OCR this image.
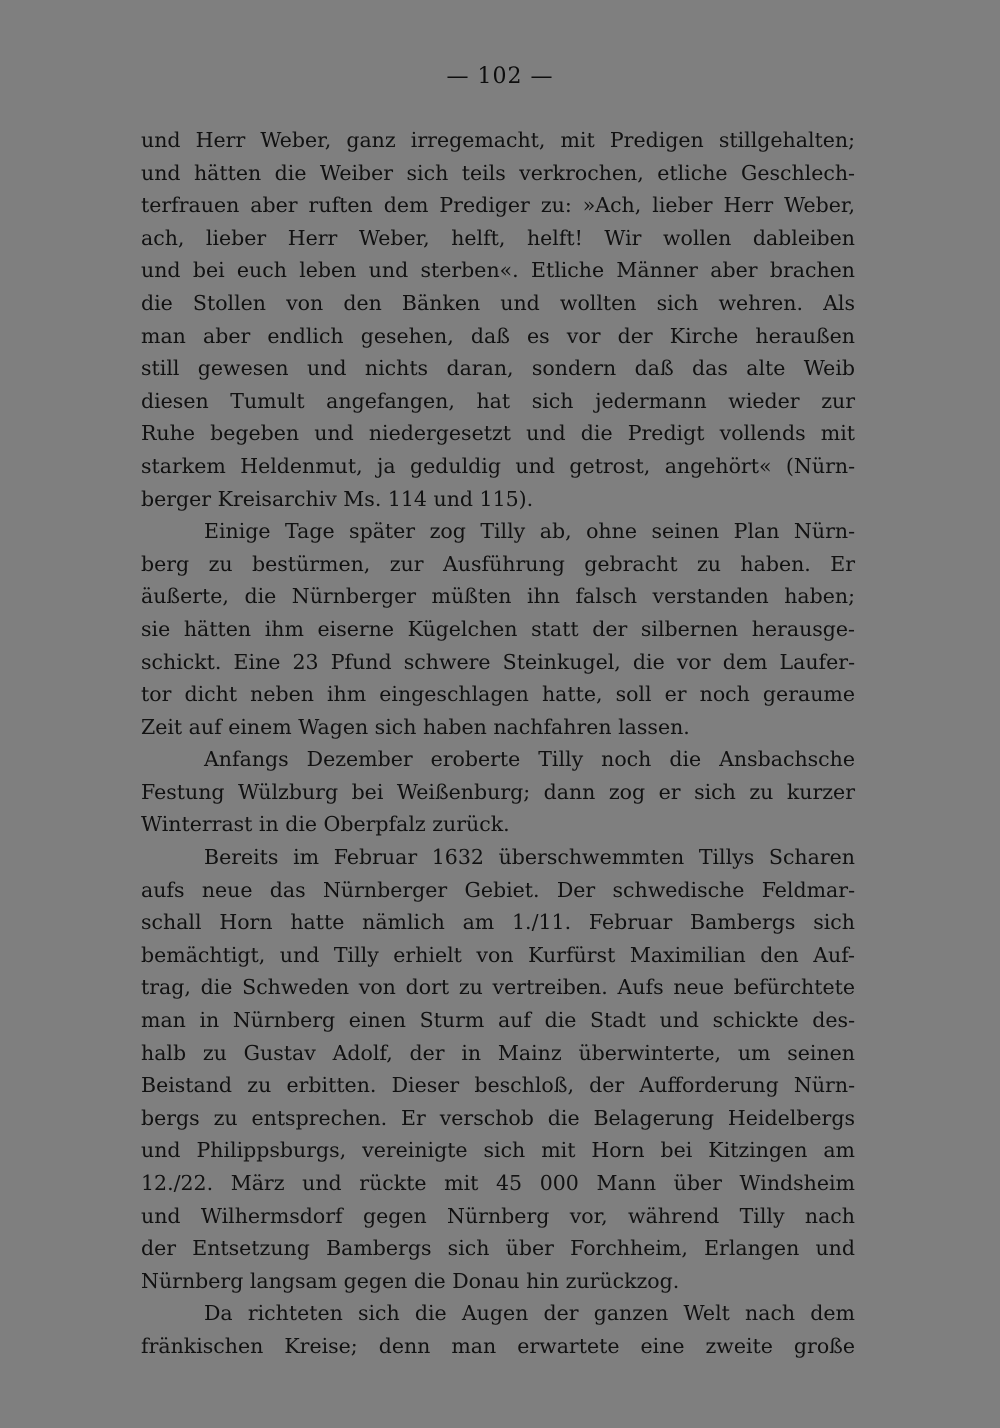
— 102 —
und Herr Weber, ganz irregemacht, mit Predigen stillgehalten;
und hätten die Weiber sich teils verkrochen, etliche Geschlech-
terfrauen aber ruften dem Prediger zu: »Ach, lieber Herr Weber,
ach, lieber Herr Weber, helft, helft! Wir wollen dableiben
und bei euch leben und sterben«. Etliche Männer aber brachen
die Stollen von den Bänken und wollten sich wehren. Als
man aber endlich gesehen, daß es vor der Kirche heraußen
still gewesen und nichts daran, sondern daß das alte Weib
diesen Tumult angefangen, hat sich jedermann wieder zur
Ruhe begeben und niedergesetzt und die Predigt vollends mit
starkem Heldenmut, ja geduldig und getrost, angehört« (Nürn-
berger Kreisarchiv Ms. 114 und 115).
Einige Tage später zog Tilly ab, ohne seinen Plan Nürn-
berg zu bestürmen, zur Ausführung gebracht zu haben. Er
äußerte, die Nürnberger müßten ihn falsch verstanden haben;
sie hätten ihm eiserne Kügelchen statt der silbernen herausge-
schickt. Eine 23 Pfund schwere Steinkugel, die vor dem Laufer-
tor dicht neben ihm eingeschlagen hatte, soll er noch geraume
Zeit auf einem Wagen sich haben nachfahren lassen.
Anfangs Dezember eroberte Tilly noch die Ansbachsche
Festung Wülzburg bei Weißenburg; dann zog er sich zu kurzer
Winterrast in die Oberpfalz zurück.
Bereits im Februar 1632 überschwemmten Tillys Scharen
aufs neue das Nürnberger Gebiet. Der schwedische Feldmar-
schall Horn hatte nämlich am 1./11. Februar Bambergs sich
bemächtigt, und Tilly erhielt von Kurfürst Maximilian den Auf-
trag, die Schweden von dort zu vertreiben. Aufs neue befürchtete
man in Nürnberg einen Sturm auf die Stadt und schickte des-
halb zu Gustav Adolf, der in Mainz überwinterte, um seinen
Beistand zu erbitten. Dieser beschloß, der Aufforderung Nürn-
bergs zu entsprechen. Er verschob die Belagerung Heidelbergs
und Philippsburgs, vereinigte sich mit Horn bei Kitzingen am
12./22. März und rückte mit 45 000 Mann über Windsheim
und Wilhermsdorf gegen Nürnberg vor, während Tilly nach
der Entsetzung Bambergs sich über Forchheim, Erlangen und
Nürnberg langsam gegen die Donau hin zurückzog.
Da richteten sich die Augen der ganzen Welt nach dem
fränkischen Kreise; denn man erwartete eine zweite große
